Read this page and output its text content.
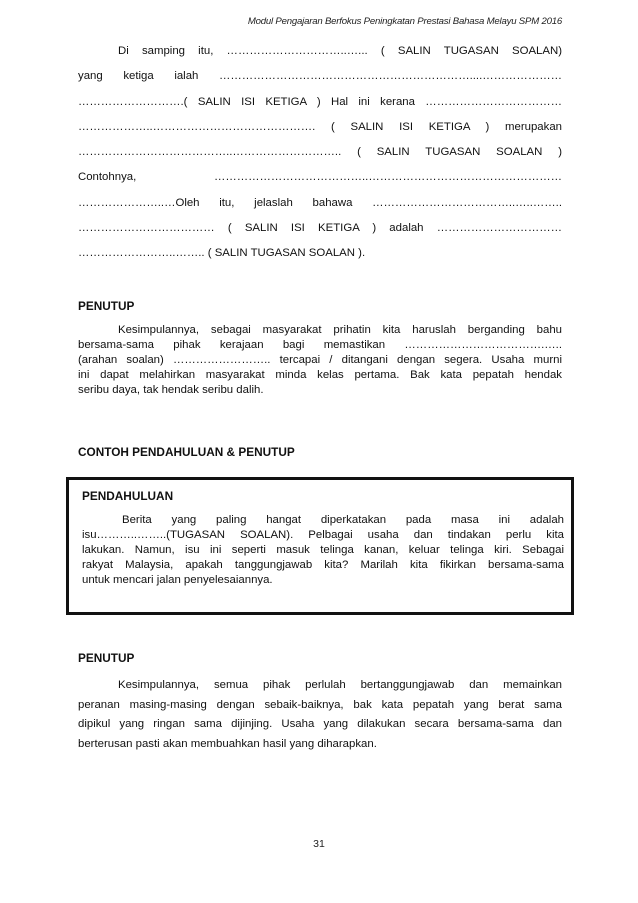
Modul Pengajaran Berfokus Peningkatan Prestasi Bahasa Melayu SPM 2016
Di samping itu, …………………………..…... ( SALIN TUGASAN SOALAN)
yang ketiga ialah …………………………………………………………....…………………
……………………….( SALIN ISI KETIGA ) Hal ini kerana ………………………………
………………..……………………………………. ( SALIN ISI KETIGA ) merupakan
…………………………………..……………………….. ( SALIN TUGASAN SOALAN )
Contohnya, …………………………………..……………………………………………
…………………..…Oleh itu, jelaslah bahawa ………………………………..…..……..
……………………………… ( SALIN ISI KETIGA ) adalah ……………………………
……………………..…….. ( SALIN TUGASAN SOALAN ).
PENUTUP
Kesimpulannya, sebagai masyarakat prihatin kita haruslah berganding bahu
bersama-sama pihak kerajaan bagi memastikan ……………………………….…..
(arahan soalan) …………………….. tercapai / ditangani dengan segera. Usaha murni
ini dapat melahirkan masyarakat minda kelas pertama. Bak kata pepatah hendak
seribu daya, tak hendak seribu dalih.
CONTOH PENDAHULUAN & PENUTUP
PENDAHULUAN
Berita yang paling hangat diperkatakan pada masa ini adalah
isu………..……..(TUGASAN SOALAN). Pelbagai usaha dan tindakan perlu kita
lakukan. Namun, isu ini seperti masuk telinga kanan, keluar telinga kiri. Sebagai
rakyat Malaysia, apakah tanggungjawab kita? Marilah kita fikirkan bersama-sama
untuk mencari jalan penyelesaiannya.
PENUTUP
Kesimpulannya, semua pihak perlulah bertanggungjawab dan memainkan
peranan masing-masing dengan sebaik-baiknya, bak kata pepatah yang berat sama
dipikul yang ringan sama dijinjing. Usaha yang dilakukan secara bersama-sama dan
berterusan pasti akan membuahkan hasil yang diharapkan.
31
